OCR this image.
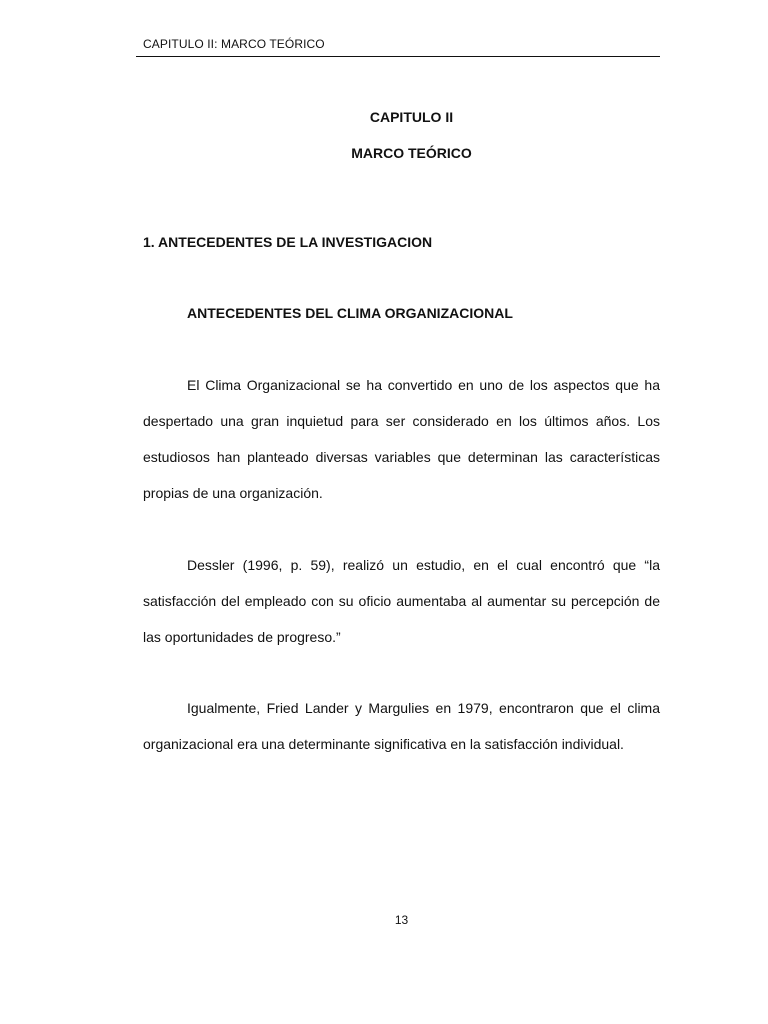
CAPITULO II: MARCO TEÓRICO
CAPITULO II
MARCO TEÓRICO
1. ANTECEDENTES DE LA INVESTIGACION
ANTECEDENTES DEL CLIMA ORGANIZACIONAL
El Clima Organizacional se ha convertido en uno de los aspectos que ha despertado una gran inquietud para ser considerado en los últimos años. Los estudiosos han planteado diversas variables que determinan las características propias de una organización.
Dessler (1996, p. 59), realizó un estudio, en el cual encontró que “la satisfacción del empleado con su oficio aumentaba al aumentar su percepción de las oportunidades de progreso.”
Igualmente, Fried Lander y Margulies en 1979, encontraron que el clima organizacional era una determinante significativa en la satisfacción individual.
13
